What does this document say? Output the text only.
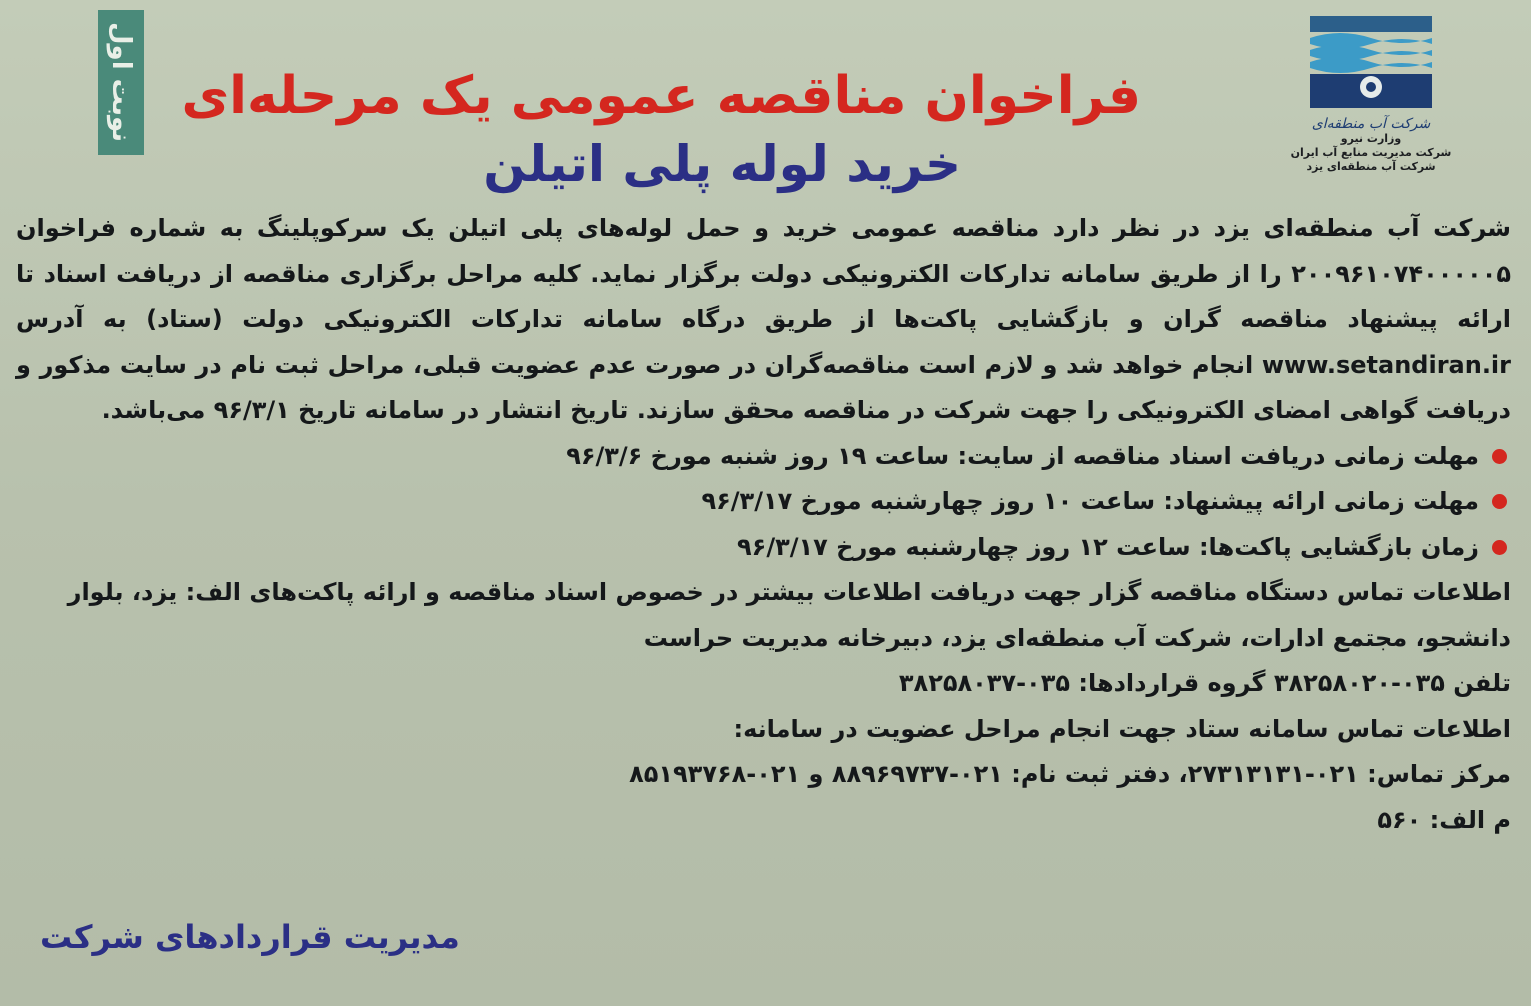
نوبت اول	شرکت آب منطقه‌ای
وزارت نیرو
شرکت مدیریت منابع آب ایران
شرکت آب منطقه‌ای یزد
فراخوان مناقصه عمومی یک مرحله‌ای
خرید لوله پلی اتیلن

شرکت آب منطقه‌ای یزد در نظر دارد مناقصه عمومی خرید و حمل لوله‌های پلی اتیلن یک سرکوپلینگ به شماره فراخوان ۲۰۰۹۶۱۰۷۴۰۰۰۰۰۵ را از طریق سامانه تدارکات الکترونیکی دولت برگزار نماید. کلیه مراحل برگزاری مناقصه از دریافت اسناد تا ارائه پیشنهاد مناقصه گران و بازگشایی پاکت‌ها از طریق درگاه سامانه تدارکات الکترونیکی دولت (ستاد) به آدرس www.setandiran.ir انجام خواهد شد و لازم است مناقصه‌گران در صورت عدم عضویت قبلی، مراحل ثبت نام در سایت مذکور و دریافت گواهی امضای الکترونیکی را جهت شرکت در مناقصه محقق سازند. تاریخ انتشار در سامانه تاریخ ۹۶/۳/۱ می‌باشد.

مهلت زمانی دریافت اسناد مناقصه از سایت: ساعت ۱۹ روز شنبه مورخ ۹۶/۳/۶
مهلت زمانی ارائه پیشنهاد: ساعت ۱۰ روز چهارشنبه مورخ ۹۶/۳/۱۷
زمان بازگشایی پاکت‌ها: ساعت ۱۲ روز چهارشنبه مورخ ۹۶/۳/۱۷

اطلاعات تماس دستگاه مناقصه گزار جهت دریافت اطلاعات بیشتر در خصوص اسناد مناقصه و ارائه پاکت‌های الف: یزد، بلوار دانشجو، مجتمع ادارات، شرکت آب منطقه‌ای یزد، دبیرخانه مدیریت حراست

تلفن ۰۳۵-۳۸۲۵۸۰۲۰ گروه قراردادها: ۰۳۵-۳۸۲۵۸۰۳۷

اطلاعات تماس سامانه ستاد جهت انجام مراحل عضویت در سامانه:

مرکز تماس: ۰۲۱-۲۷۳۱۳۱۳۱، دفتر ثبت نام: ۰۲۱-۸۸۹۶۹۷۳۷ و ۰۲۱-۸۵۱۹۳۷۶۸

م الف: ۵۶۰

مدیریت قراردادهای شرکت
